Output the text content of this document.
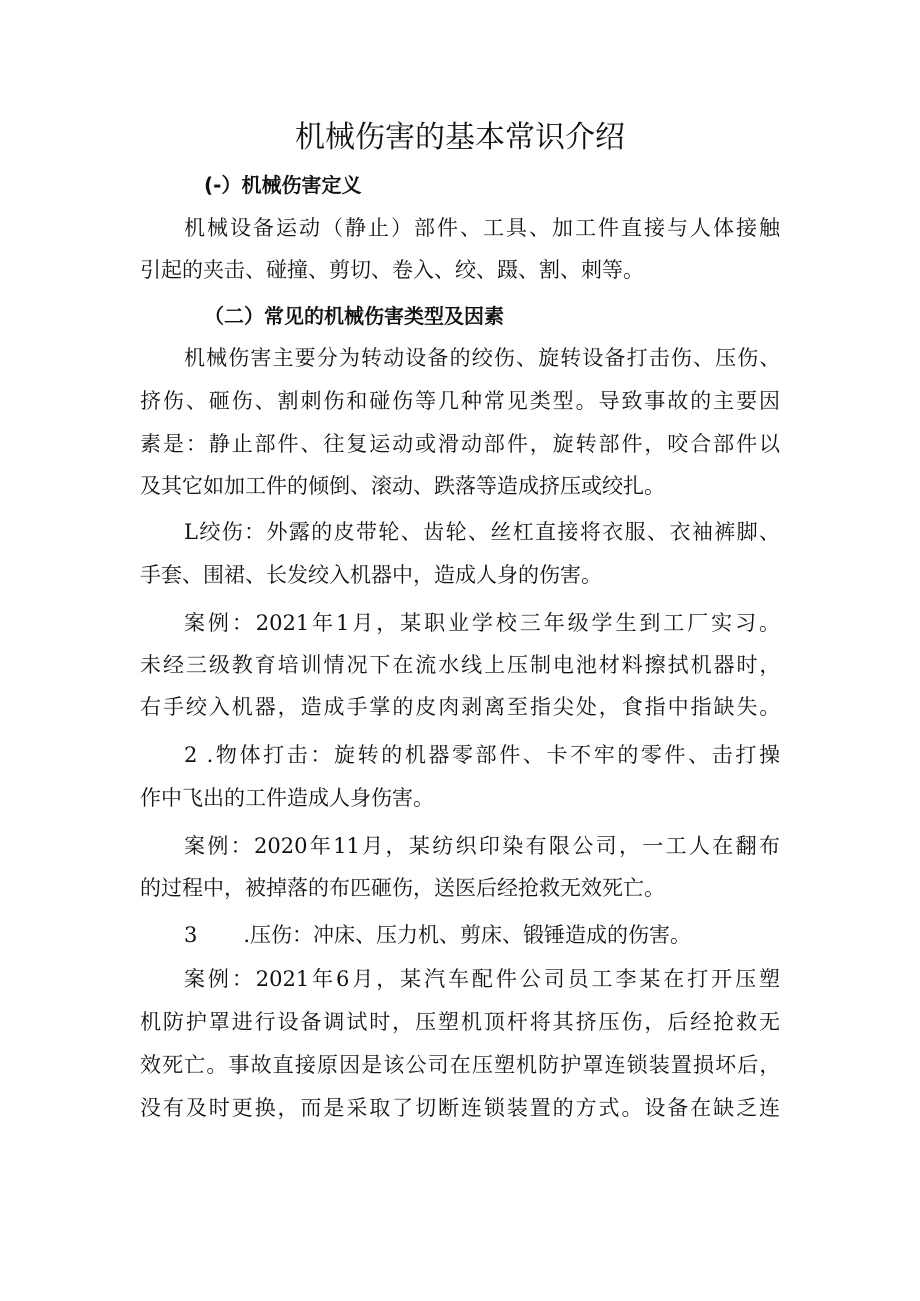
机械伤害的基本常识介绍
(-）机械伤害定义
机械设备运动（静止）部件、工具、加工件直接与人体接触
引起的夹击、碰撞、剪切、卷入、绞、蹑、割、刺等。
（二）常见的机械伤害类型及因素
机械伤害主要分为转动设备的绞伤、旋转设备打击伤、压伤、
挤伤、砸伤、割刺伤和碰伤等几种常见类型。导致事故的主要因
素是：静止部件、往复运动或滑动部件，旋转部件，咬合部件以
及其它如加工件的倾倒、滚动、跌落等造成挤压或绞扎。
L绞伤：外露的皮带轮、齿轮、丝杠直接将衣服、衣袖裤脚、
手套、围裙、长发绞入机器中，造成人身的伤害。
案例：2021年1月，某职业学校三年级学生到工厂实习。
未经三级教育培训情况下在流水线上压制电池材料擦拭机器时，
右手绞入机器，造成手掌的皮肉剥离至指尖处，食指中指缺失。
2 .物体打击：旋转的机器零部件、卡不牢的零件、击打操
作中飞出的工件造成人身伤害。
案例：2020年11月，某纺织印染有限公司，一工人在翻布
的过程中，被掉落的布匹砸伤，送医后经抢救无效死亡。
3 .压伤：冲床、压力机、剪床、锻锤造成的伤害。
案例：2021年6月，某汽车配件公司员工李某在打开压塑
机防护罩进行设备调试时，压塑机顶杆将其挤压伤，后经抢救无
效死亡。事故直接原因是该公司在压塑机防护罩连锁装置损坏后，
没有及时更换，而是采取了切断连锁装置的方式。设备在缺乏连
